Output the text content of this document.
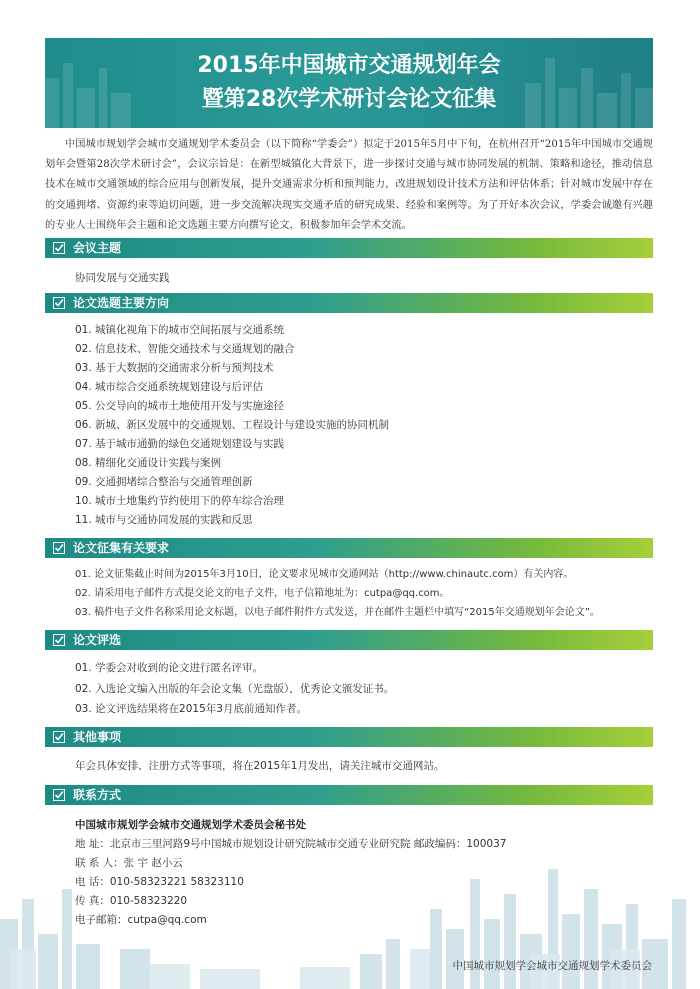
2015年中国城市交通规划年会
暨第28次学术研讨会论文征集

中国城市规划学会城市交通规划学术委员会（以下简称“学委会”）拟定于2015年5月中下旬，在杭州召开“2015年中国城市交通规划年会暨第28次学术研讨会”，会议宗旨是：在新型城镇化大背景下，进一步探讨交通与城市协同发展的机制、策略和途径，推动信息技术在城市交通领域的综合应用与创新发展，提升交通需求分析和预判能力，改进规划设计技术方法和评估体系；针对城市发展中存在的交通拥堵、资源约束等迫切问题，进一步交流解决现实交通矛盾的研究成果、经验和案例等。为了开好本次会议，学委会诚邀有兴趣的专业人士围绕年会主题和论文选题主要方向撰写论文，积极参加年会学术交流。

会议主题
协同发展与交通实践
论文选题主要方向
01. 城镇化视角下的城市空间拓展与交通系统
02. 信息技术、智能交通技术与交通规划的融合
03. 基于大数据的交通需求分析与预判技术
04. 城市综合交通系统规划建设与后评估
05. 公交导向的城市土地使用开发与实施途径
06. 新城、新区发展中的交通规划、工程设计与建设实施的协同机制
07. 基于城市通勤的绿色交通规划建设与实践
08. 精细化交通设计实践与案例
09. 交通拥堵综合整治与交通管理创新
10. 城市土地集约节约使用下的停车综合治理
11. 城市与交通协同发展的实践和反思
论文征集有关要求
01. 论文征集截止时间为2015年3月10日，论文要求见城市交通网站（http://www.chinautc.com）有关内容。
02. 请采用电子邮件方式提交论文的电子文件，电子信箱地址为：cutpa@qq.com。
03. 稿件电子文件名称采用论文标题，以电子邮件附件方式发送，并在邮件主题栏中填写“2015年交通规划年会论文”。
论文评选
01. 学委会对收到的论文进行匿名评审。
02. 入选论文编入出版的年会论文集（光盘版），优秀论文颁发证书。
03. 论文评选结果将在2015年3月底前通知作者。
其他事项
年会具体安排、注册方式等事项，将在2015年1月发出，请关注城市交通网站。
联系方式
中国城市规划学会城市交通规划学术委员会秘书处
地 址：北京市三里河路9号中国城市规划设计研究院城市交通专业研究院 邮政编码：100037
联 系 人：张 宇 赵小云
电 话：010-58323221 58323110
传 真：010-58323220
电子邮箱：cutpa@qq.com
中国城市规划学会城市交通规划学术委员会
